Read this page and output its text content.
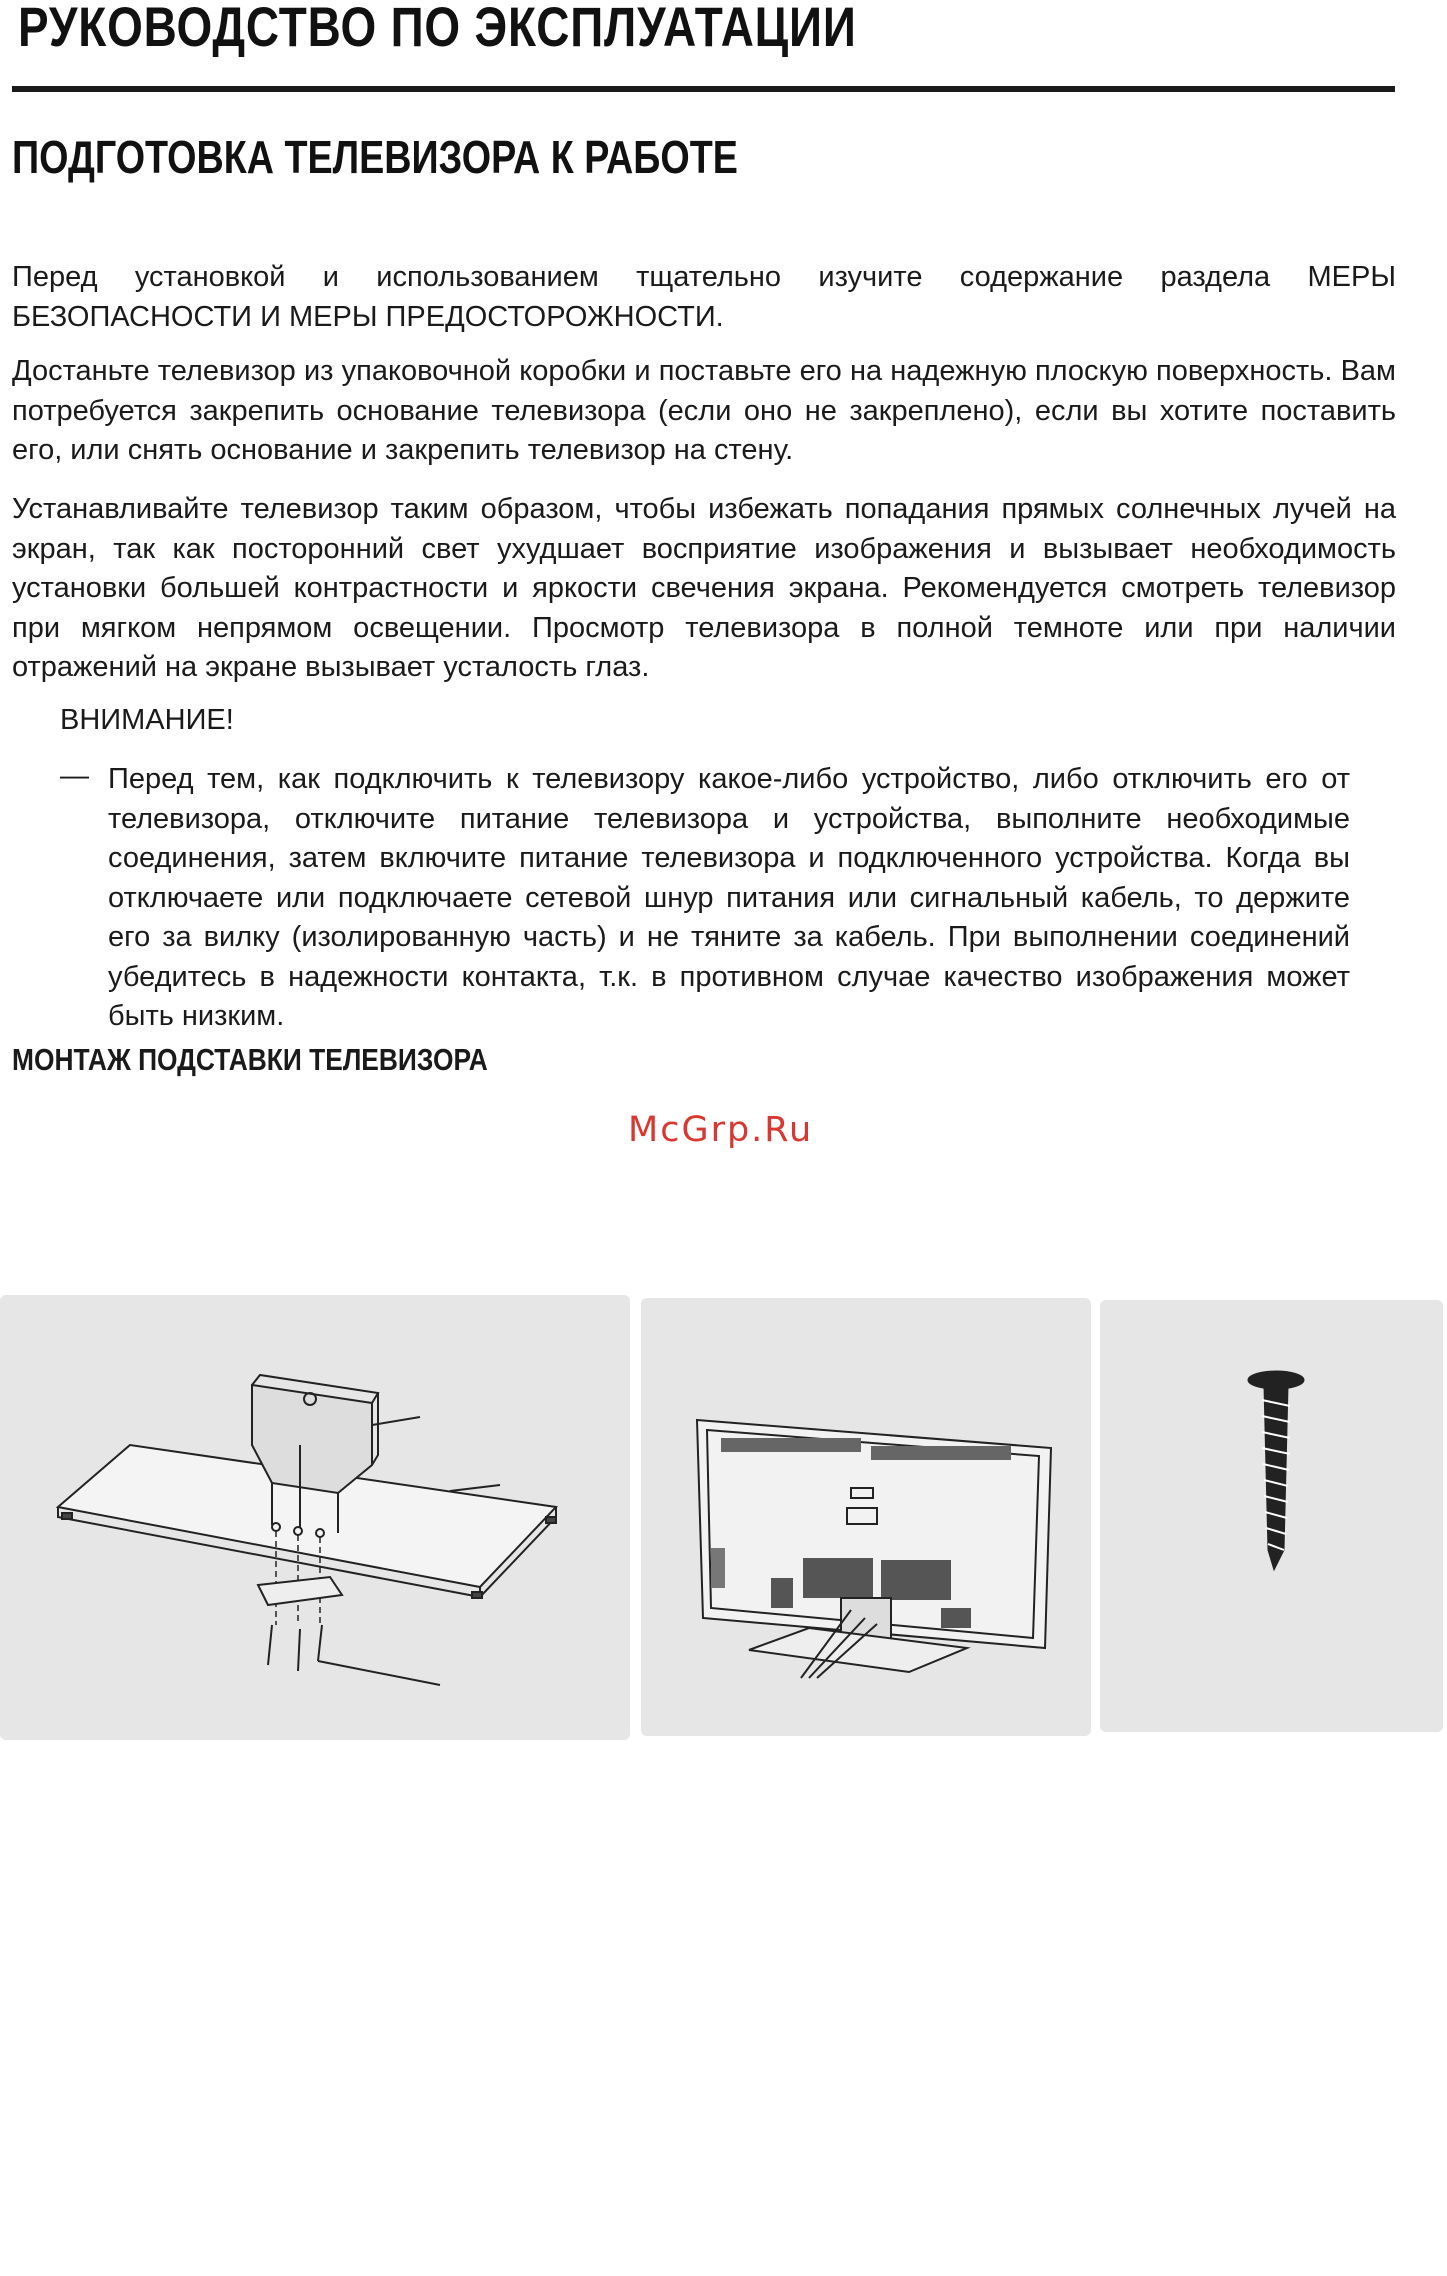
РУКОВОДСТВО ПО ЭКСПЛУАТАЦИИ
ПОДГОТОВКА ТЕЛЕВИЗОРА К РАБОТЕ

Перед установкой и использованием тщательно изучите содержание раздела МЕРЫ БЕЗОПАСНОСТИ И МЕРЫ ПРЕДОСТОРОЖНОСТИ.

Достаньте телевизор из упаковочной коробки и поставьте его на надежную плоскую поверхность. Вам потребуется закрепить основание телевизора (если оно не закреплено), если вы хотите поставить его, или снять основание и закрепить телевизор на стену.

Устанавливайте телевизор таким образом, чтобы избежать попадания прямых солнечных лучей на экран, так как посторонний свет ухудшает восприятие изображения и вызывает необходимость установки большей контрастности и яркости свечения экрана. Рекомендуется смотреть телевизор при мягком непрямом освещении. Просмотр телевизора в полной темноте или при наличии отражений на экране вызывает усталость глаз.

ВНИМАНИЕ!

— Перед тем, как подключить к телевизору какое-либо устройство, либо отключить его от телевизора, отключите питание телевизора и устройства, выполните необходимые соединения, затем включите питание телевизора и подключенного устройства. Когда вы отключаете или подключаете сетевой шнур питания или сигнальный кабель, то держите его за вилку (изолированную часть) и не тяните за кабель. При выполнении соединений убедитесь в надежности контакта, т.к. в противном случае качество изображения может быть низким.

МОНТАЖ ПОДСТАВКИ ТЕЛЕВИЗОРА
McGrp.Ru
